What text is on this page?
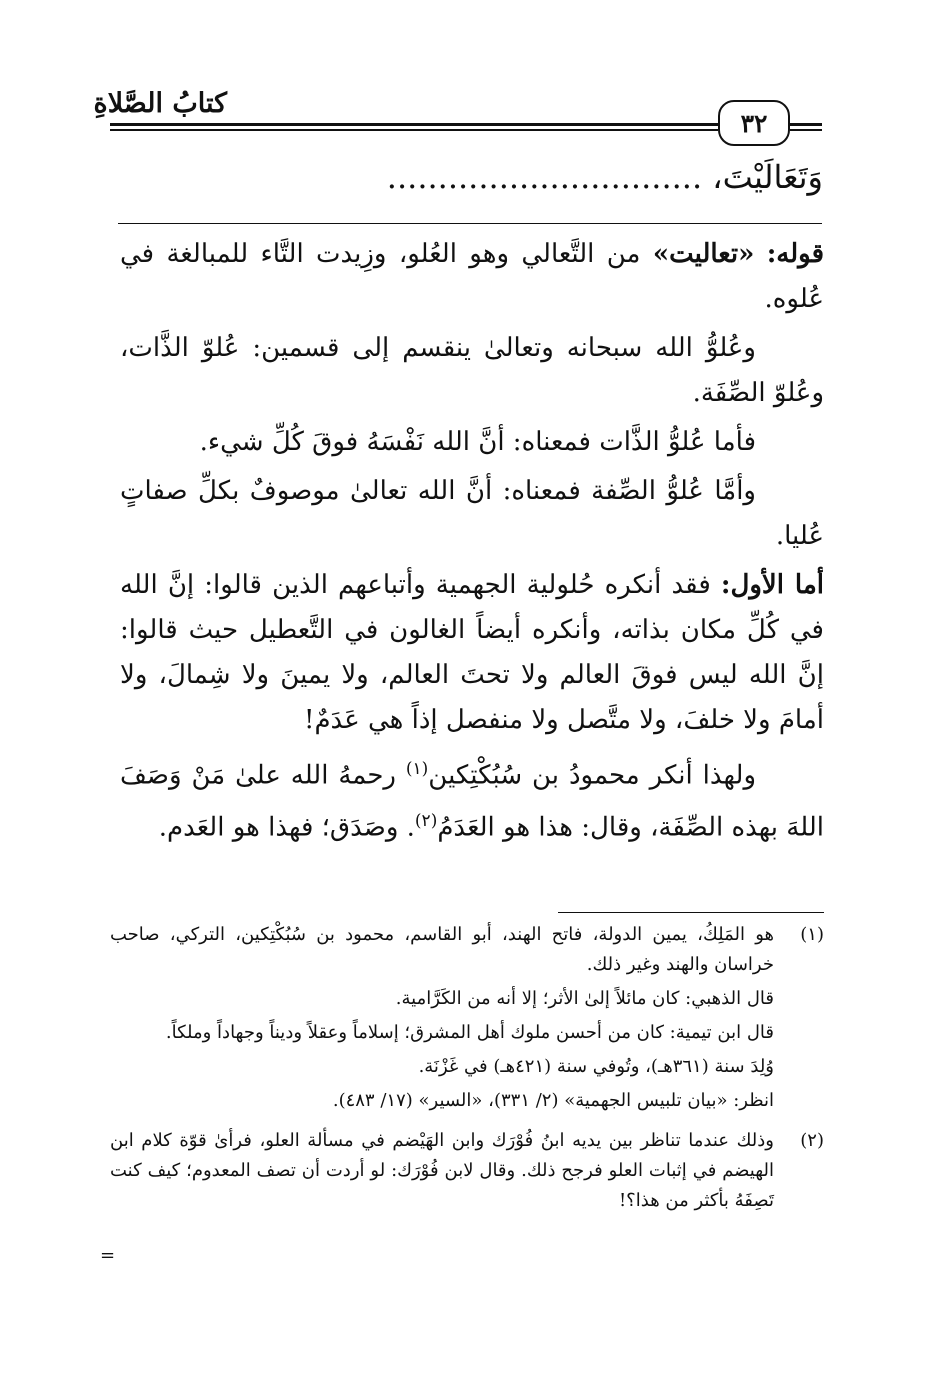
كتابُ الصَّلاةِ
٣٢
وَتَعَالَيْتَ، ...............................

قوله: «تعاليت» من التَّعالي وهو العُلو، وزِيدت التَّاء للمبالغة في عُلوه.

وعُلوُّ الله سبحانه وتعالىٰ ينقسم إلى قسمين: عُلوّ الذَّات، وعُلوّ الصِّفَة.

فأما عُلوُّ الذَّات فمعناه: أنَّ الله نَفْسَهُ فوقَ كُلِّ شيء.

وأمَّا عُلوُّ الصِّفة فمعناه: أنَّ الله تعالىٰ موصوفٌ بكلِّ صفاتٍ عُليا.

أما الأول: فقد أنكره حُلولية الجهمية وأتباعهم الذين قالوا: إنَّ الله في كُلِّ مكان بذاته، وأنكره أيضاً الغالون في التَّعطيل حيث قالوا: إنَّ الله ليس فوقَ العالم ولا تحتَ العالم، ولا يمينَ ولا شِمالَ، ولا أمامَ ولا خلفَ، ولا متَّصل ولا منفصل إذاً هي عَدَمٌ!

ولهذا أنكر محمودُ بن سُبُكْتِكين$^{(١)}$ رحمهُ الله علىٰ مَنْ وَصَفَ اللهَ بهذه الصِّفَة، وقال: هذا هو العَدَمُ$^{(٢)}$. وصَدَق؛ فهذا هو العَدم.

(١)

هو المَلِكُ، يمين الدولة، فاتح الهند، أبو القاسم، محمود بن سُبُكْتِكين، التركي، صاحب خراسان والهند وغير ذلك.

قال الذهبي: كان مائلاً إلىٰ الأثر؛ إلا أنه من الكَرَّامية.

قال ابن تيمية: كان من أحسن ملوك أهل المشرق؛ إسلاماً وعقلاً وديناً وجهاداً وملكاً.

وُلِدَ سنة (٣٦١هـ)، وتُوفي سنة (٤٢١هـ) في غَزْنَة.

انظر: «بيان تلبيس الجهمية» (٢/ ٣٣١)، «السير» (١٧/ ٤٨٣).

(٢)

وذلك عندما تناظر بين يديه ابنُ فُوْرَك وابن الهَيْضم في مسألة العلو، فرأىٰ قوّة كلام ابن الهيضم في إثبات العلو فرجح ذلك. وقال لابن فُوْرَك: لو أردت أن تصف المعدوم؛ كيف كنت تَصِفَهُ بأكثر من هذا؟!

=
